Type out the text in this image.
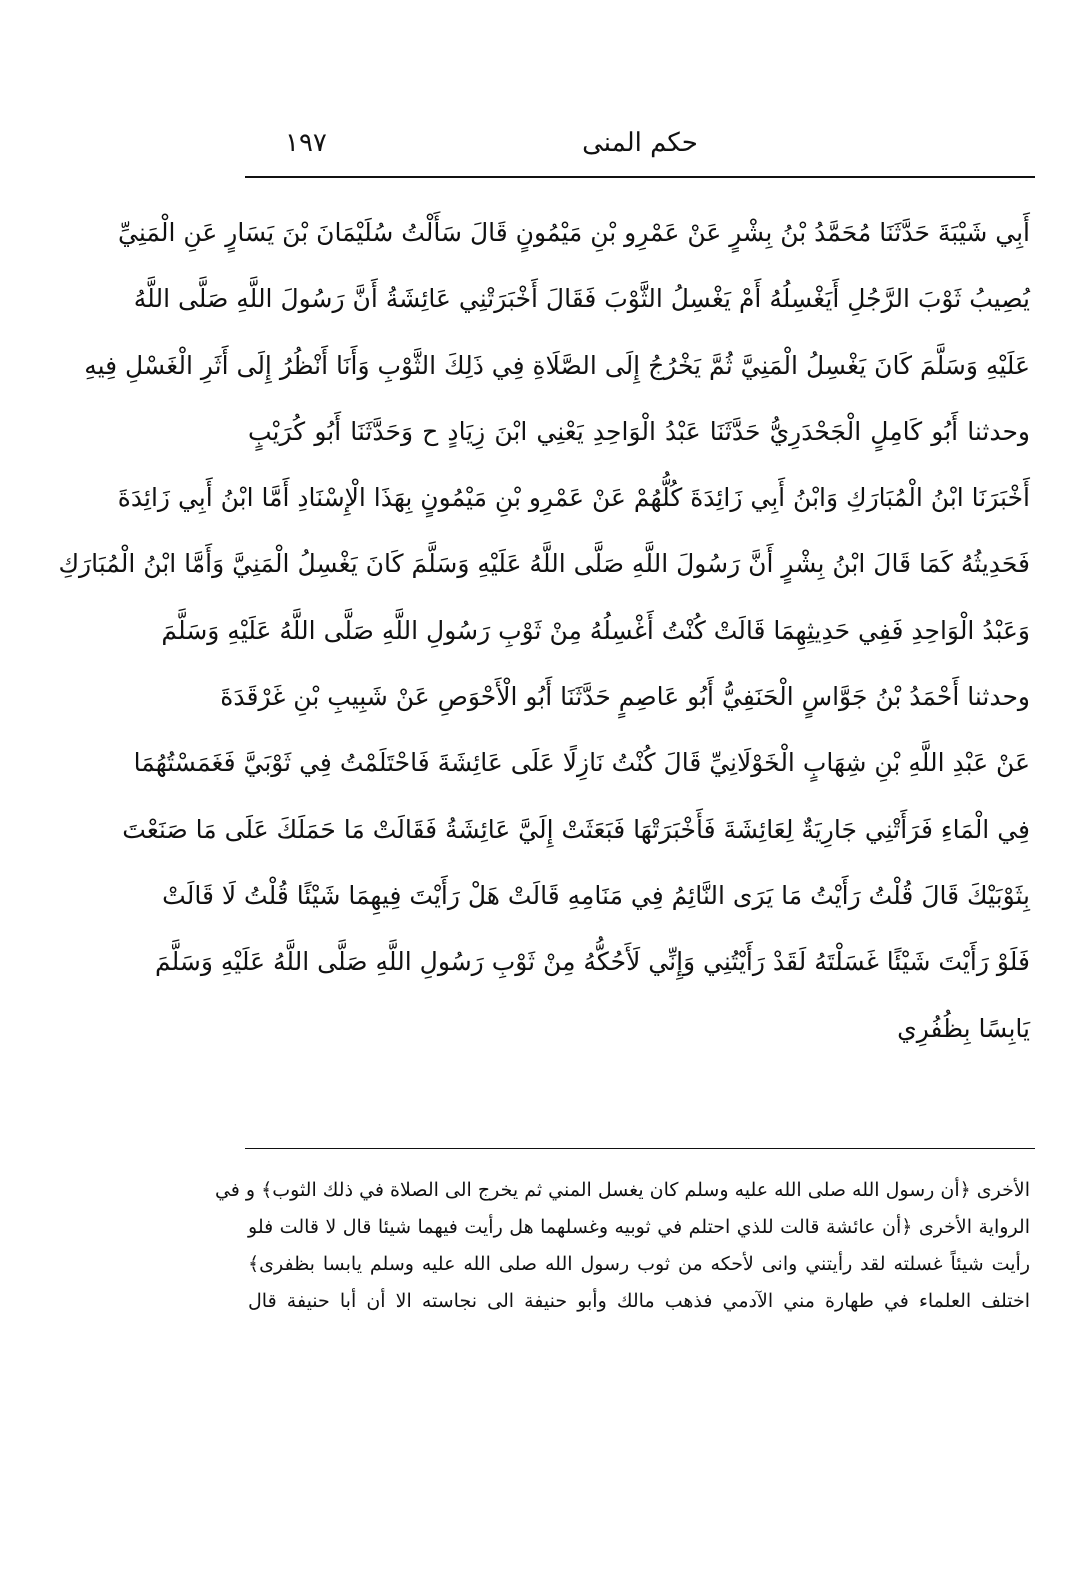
حكم المنى
١٩٧
أَبِي شَيْبَةَ حَدَّثَنَا مُحَمَّدُ بْنُ بِشْرٍ عَنْ عَمْرِو بْنِ مَيْمُونٍ قَالَ سَأَلْتُ سُلَيْمَانَ بْنَ يَسَارٍ عَنِ الْمَنِيِّ
يُصِيبُ ثَوْبَ الرَّجُلِ أَيَغْسِلُهُ أَمْ يَغْسِلُ الثَّوْبَ فَقَالَ أَخْبَرَتْنِي عَائِشَةُ أَنَّ رَسُولَ اللَّهِ صَلَّى اللَّهُ
عَلَيْهِ وَسَلَّمَ كَانَ يَغْسِلُ الْمَنِيَّ ثُمَّ يَخْرُجُ إِلَى الصَّلَاةِ فِي ذَلِكَ الثَّوْبِ وَأَنَا أَنْظُرُ إِلَى أَثَرِ الْغَسْلِ فِيهِ
وحدثنا أَبُو كَامِلٍ الْجَحْدَرِيُّ حَدَّثَنَا عَبْدُ الْوَاحِدِ يَعْنِي ابْنَ زِيَادٍ ح وَحَدَّثَنَا أَبُو كُرَيْبٍ
أَخْبَرَنَا ابْنُ الْمُبَارَكِ وَابْنُ أَبِي زَائِدَةَ كُلُّهُمْ عَنْ عَمْرِو بْنِ مَيْمُونٍ بِهَذَا الْإِسْنَادِ أَمَّا ابْنُ أَبِي زَائِدَةَ
فَحَدِيثُهُ كَمَا قَالَ ابْنُ بِشْرٍ أَنَّ رَسُولَ اللَّهِ صَلَّى اللَّهُ عَلَيْهِ وَسَلَّمَ كَانَ يَغْسِلُ الْمَنِيَّ وَأَمَّا ابْنُ الْمُبَارَكِ
وَعَبْدُ الْوَاحِدِ فَفِي حَدِيثِهِمَا قَالَتْ كُنْتُ أَغْسِلُهُ مِنْ ثَوْبِ رَسُولِ اللَّهِ صَلَّى اللَّهُ عَلَيْهِ وَسَلَّمَ
وحدثنا أَحْمَدُ بْنُ جَوَّاسٍ الْحَنَفِيُّ أَبُو عَاصِمٍ حَدَّثَنَا أَبُو الْأَحْوَصِ عَنْ شَبِيبِ بْنِ غَرْقَدَةَ
عَنْ عَبْدِ اللَّهِ بْنِ شِهَابٍ الْخَوْلَانِيِّ قَالَ كُنْتُ نَازِلًا عَلَى عَائِشَةَ فَاحْتَلَمْتُ فِي ثَوْبَيَّ فَغَمَسْتُهُمَا
فِي الْمَاءِ فَرَأَتْنِي جَارِيَةٌ لِعَائِشَةَ فَأَخْبَرَتْهَا فَبَعَثَتْ إِلَيَّ عَائِشَةُ فَقَالَتْ مَا حَمَلَكَ عَلَى مَا صَنَعْتَ
بِثَوْبَيْكَ قَالَ قُلْتُ رَأَيْتُ مَا يَرَى النَّائِمُ فِي مَنَامِهِ قَالَتْ هَلْ رَأَيْتَ فِيهِمَا شَيْئًا قُلْتُ لَا قَالَتْ
فَلَوْ رَأَيْتَ شَيْئًا غَسَلْتَهُ لَقَدْ رَأَيْتُنِي وَإِنِّي لَأَحُكُّهُ مِنْ ثَوْبِ رَسُولِ اللَّهِ صَلَّى اللَّهُ عَلَيْهِ وَسَلَّمَ
يَابِسًا بِظُفُرِي
الأخرى ﴿أن رسول الله صلى الله عليه وسلم كان يغسل المني ثم يخرج الى الصلاة في ذلك الثوب﴾ و في
الرواية الأخرى ﴿أن عائشة قالت للذي احتلم في ثوبيه وغسلهما هل رأيت فيهما شيئا قال لا قالت فلو
رأيت شيئاً غسلته لقد رأيتني وانى لأحكه من ثوب رسول الله صلى الله عليه وسلم يابسا بظفرى﴾
اختلف العلماء في طهارة مني الآدمي فذهب مالك وأبو حنيفة الى نجاسته الا أن أبا حنيفة قال
